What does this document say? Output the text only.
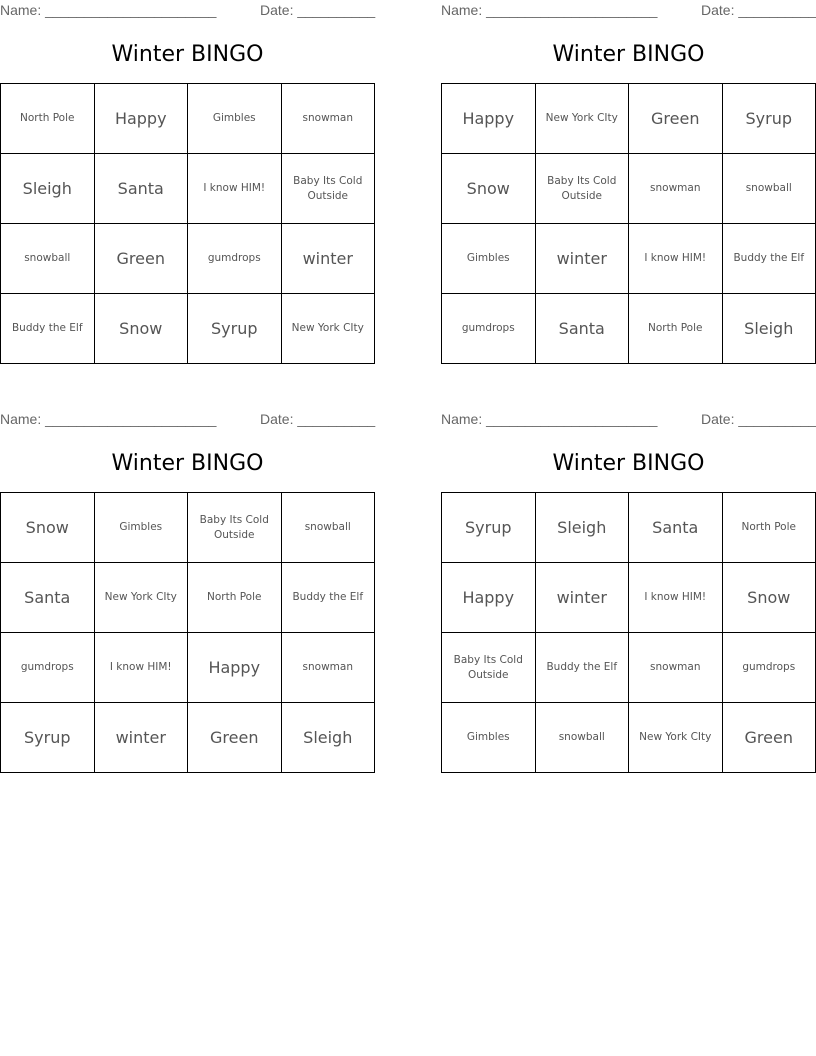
Name: ______________________	Date: __________
Winter BINGO
North Pole	Happy	Gimbles	snowman
Sleigh	Santa	I know HIM!	Baby Its Cold Outside
snowball	Green	gumdrops	winter
Buddy the Elf	Snow	Syrup	New York CIty
Name: ______________________	Date: __________
Winter BINGO
Happy	New York CIty	Green	Syrup
Snow	Baby Its Cold Outside	snowman	snowball
Gimbles	winter	I know HIM!	Buddy the Elf
gumdrops	Santa	North Pole	Sleigh
Name: ______________________	Date: __________
Winter BINGO
Snow	Gimbles	Baby Its Cold Outside	snowball
Santa	New York CIty	North Pole	Buddy the Elf
gumdrops	I know HIM!	Happy	snowman
Syrup	winter	Green	Sleigh
Name: ______________________	Date: __________
Winter BINGO
Syrup	Sleigh	Santa	North Pole
Happy	winter	I know HIM!	Snow
Baby Its Cold Outside	Buddy the Elf	snowman	gumdrops
Gimbles	snowball	New York CIty	Green
